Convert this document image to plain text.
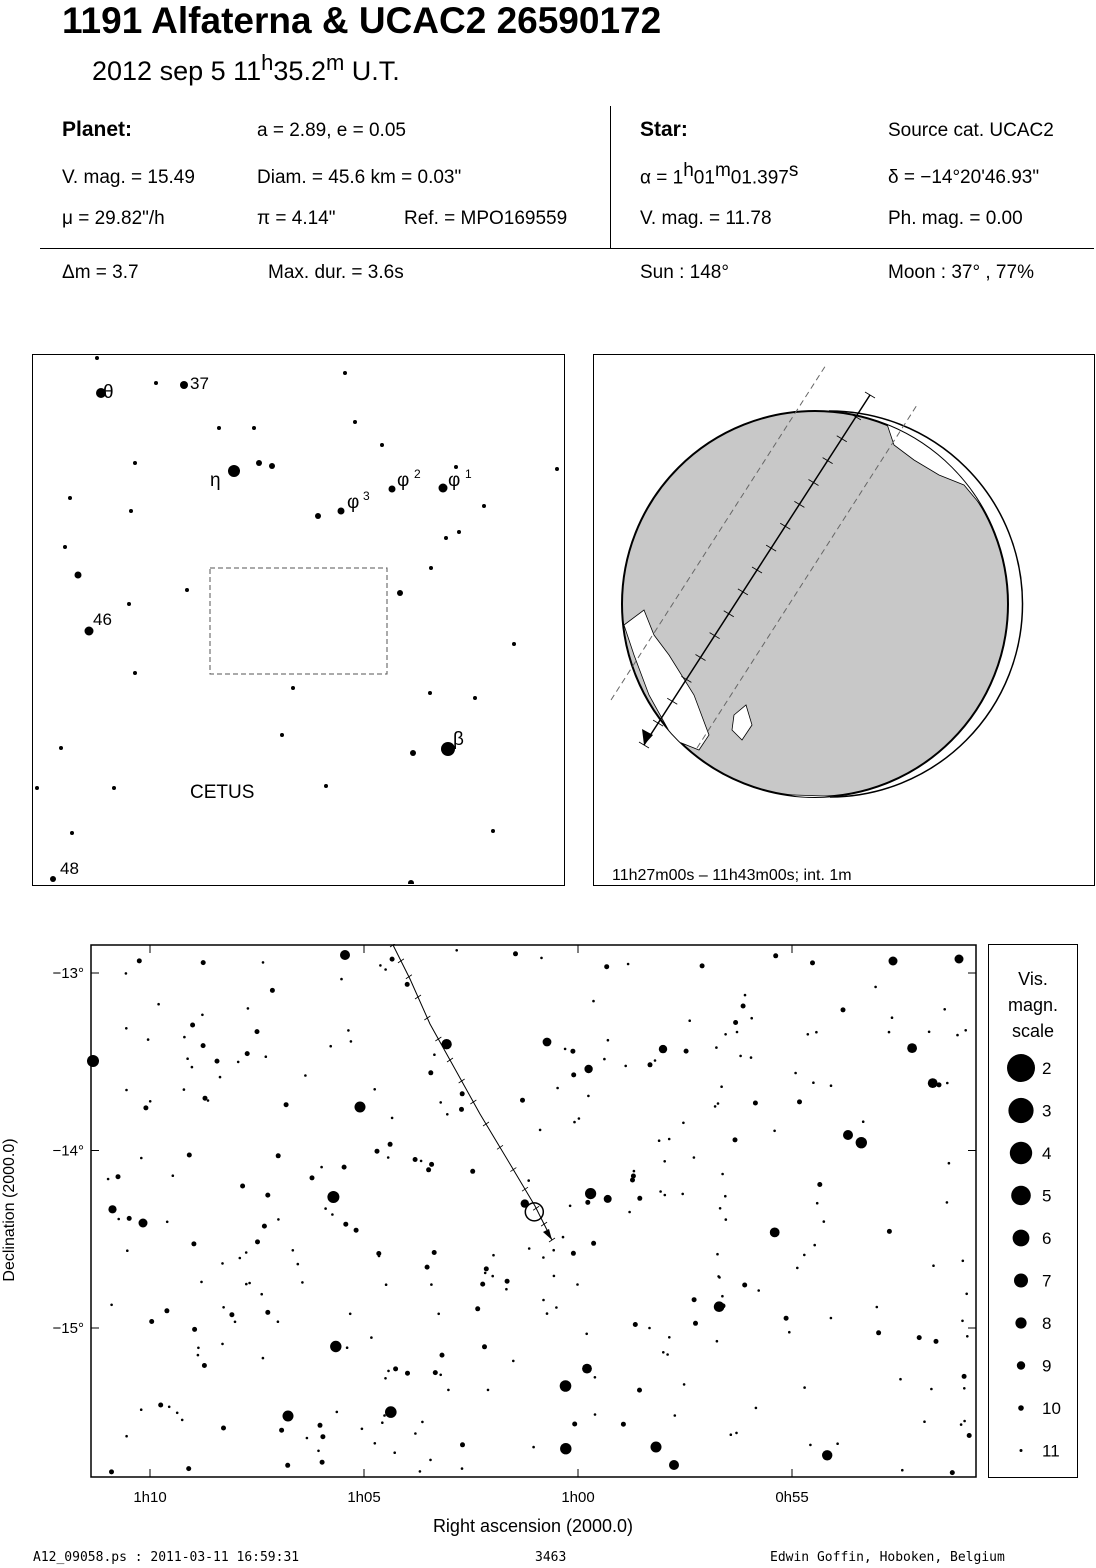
1191 Alfaterna & UCAC2 26590172
2012 sep 5 11$^h$35.2$^m$ U.T.
Planet:	a = 2.89, e = 0.05
V. mag. = 15.49	Diam. = 45.6 km = 0.03"
μ = 29.82"/h	π = 4.14"	Ref. = MPO169559
Star:	Source cat. UCAC2
$\alpha = 1^h01^m01.397^s$	δ = −14°20'46.93"
V. mag. = 11.78	Ph. mag. = 0.00
Δm = 3.7	Max. dur. = 3.6s	Sun : 148°	Moon : 37° , 77%
θ	37
η
φ 3
φ 2 φ 1
46
β
CETUS
48	11h27m00s – 11h43m00s; int. 1m
1h10	1h05	1h00	0h55
−13°
−14°
−15°
Right ascension (2000.0)
Declination (2000.0)
Vis.
magn.
scale
2
3
4
5
6
7
8
9
10
11
A12_09058.ps : 2011-03-11 16:59:31	3463	Edwin Goffin, Hoboken, Belgium
